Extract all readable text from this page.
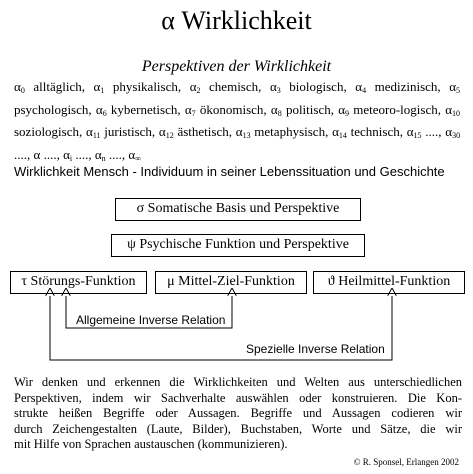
α Wirklichkeit
Perspektiven der Wirklichkeit
$\alpha_0$ alltäglich, $\alpha_1$ physikalisch, $\alpha_2$ chemisch, $\alpha_3$ biologisch, $\alpha_4$ medizinisch, $\alpha_5$ psychologisch, $\alpha_6$ kybernetisch, $\alpha_7$ ökonomisch, $\alpha_8$ politisch, $\alpha_9$ meteoro-logisch, $\alpha_{10}$ soziologisch, $\alpha_{11}$ juristisch, $\alpha_{12}$ ästhetisch, $\alpha_{13}$ metaphysisch, $\alpha_{14}$ technisch, $\alpha_{15}$ ...., $\alpha_{30}$ ...., α ...., $\alpha_i$ ...., $\alpha_n$ ...., $\alpha_\infty$
Wirklichkeit Mensch - Individuum in seiner Lebenssituation und Geschichte
σ Somatische Basis und Perspektive
ψ Psychische Funktion und Perspektive
τ Störungs-Funktion	μ Mittel-Ziel-Funktion	ϑ Heilmittel-Funktion
Allgemeine Inverse Relation
Spezielle Inverse Relation
Wir denken und erkennen die Wirklichkeiten und Welten aus unterschiedlichen
Perspektiven, indem wir Sachverhalte auswählen oder konstruieren. Die Kon-
strukte heißen Begriffe oder Aussagen. Begriffe und Aussagen codieren wir
durch Zeichengestalten (Laute, Bilder), Buchstaben, Worte und Sätze, die wir
mit Hilfe von Sprachen austauschen (kommunizieren).
© R. Sponsel, Erlangen 2002
